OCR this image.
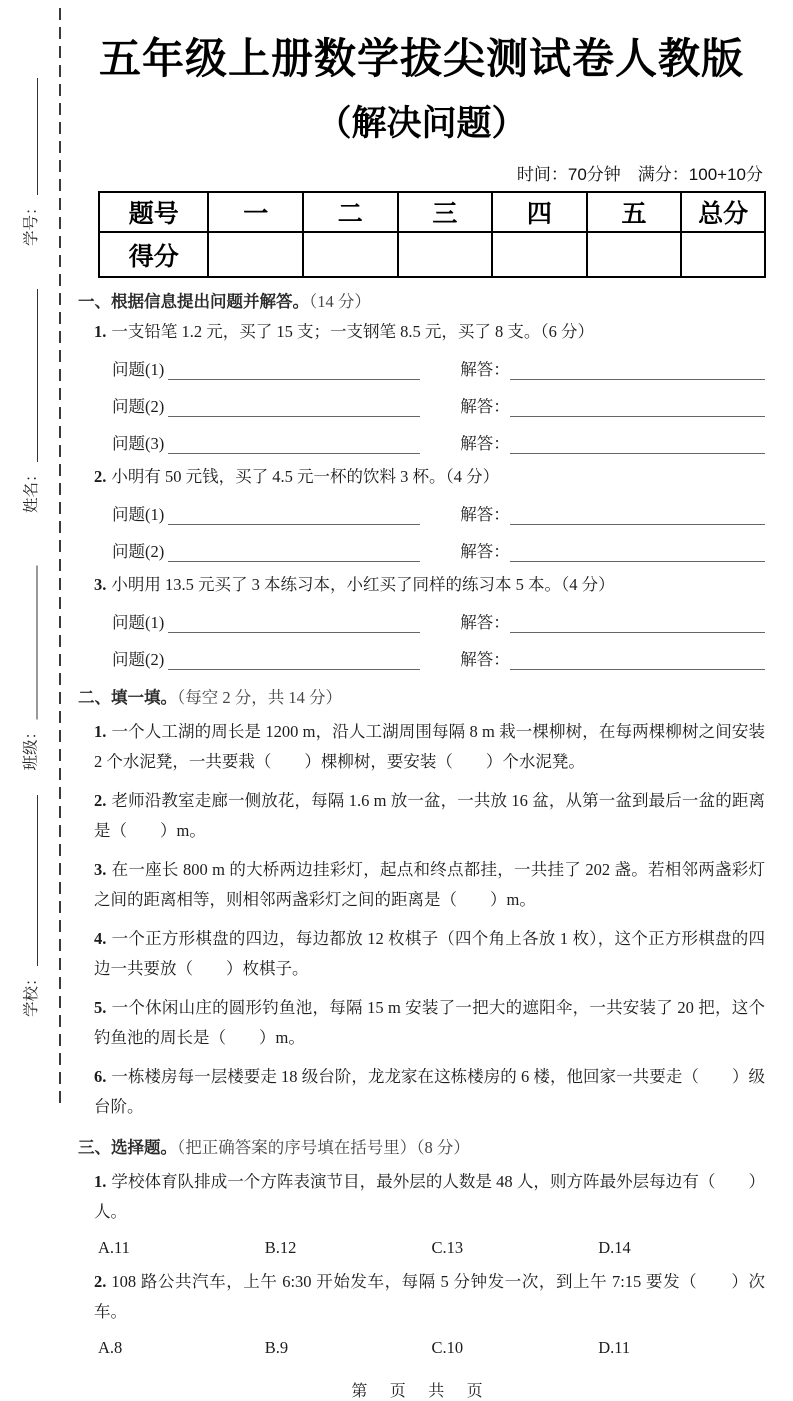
学号：
姓名：
班级：
学校：
五年级上册数学拔尖测试卷人教版
（解决问题）
时间：70分钟　满分：100+10分
题号	一	二	三	四	五	总分
得分						
一、根据信息提出问题并解答。（14 分）
1. 一支铅笔 1.2 元，买了 15 支；一支钢笔 8.5 元，买了 8 支。（6 分）
问题(1)	解答：
问题(2)	解答：
问题(3)	解答：
2. 小明有 50 元钱，买了 4.5 元一杯的饮料 3 杯。（4 分）
问题(1)	解答：
问题(2)	解答：
3. 小明用 13.5 元买了 3 本练习本，小红买了同样的练习本 5 本。（4 分）
问题(1)	解答：
问题(2)	解答：
二、填一填。（每空 2 分，共 14 分）
1. 一个人工湖的周长是 1200 m，沿人工湖周围每隔 8 m 栽一棵柳树，在每两棵柳树之间安装 2 个水泥凳，一共要栽（　　）棵柳树，要安装（　　）个水泥凳。
2. 老师沿教室走廊一侧放花，每隔 1.6 m 放一盆，一共放 16 盆，从第一盆到最后一盆的距离是（　　）m。
3. 在一座长 800 m 的大桥两边挂彩灯，起点和终点都挂，一共挂了 202 盏。若相邻两盏彩灯之间的距离相等，则相邻两盏彩灯之间的距离是（　　）m。
4. 一个正方形棋盘的四边，每边都放 12 枚棋子（四个角上各放 1 枚），这个正方形棋盘的四边一共要放（　　）枚棋子。
5. 一个休闲山庄的圆形钓鱼池，每隔 15 m 安装了一把大的遮阳伞，一共安装了 20 把，这个钓鱼池的周长是（　　）m。
6. 一栋楼房每一层楼要走 18 级台阶，龙龙家在这栋楼房的 6 楼，他回家一共要走（　　）级台阶。
三、选择题。（把正确答案的序号填在括号里）（8 分）
1. 学校体育队排成一个方阵表演节目，最外层的人数是 48 人，则方阵最外层每边有（　　）人。
A.11	B.12	C.13	D.14
2. 108 路公共汽车，上午 6:30 开始发车，每隔 5 分钟发一次，到上午 7:15 要发（　　）次车。
A.8	B.9	C.10	D.11
第 页 共 页
